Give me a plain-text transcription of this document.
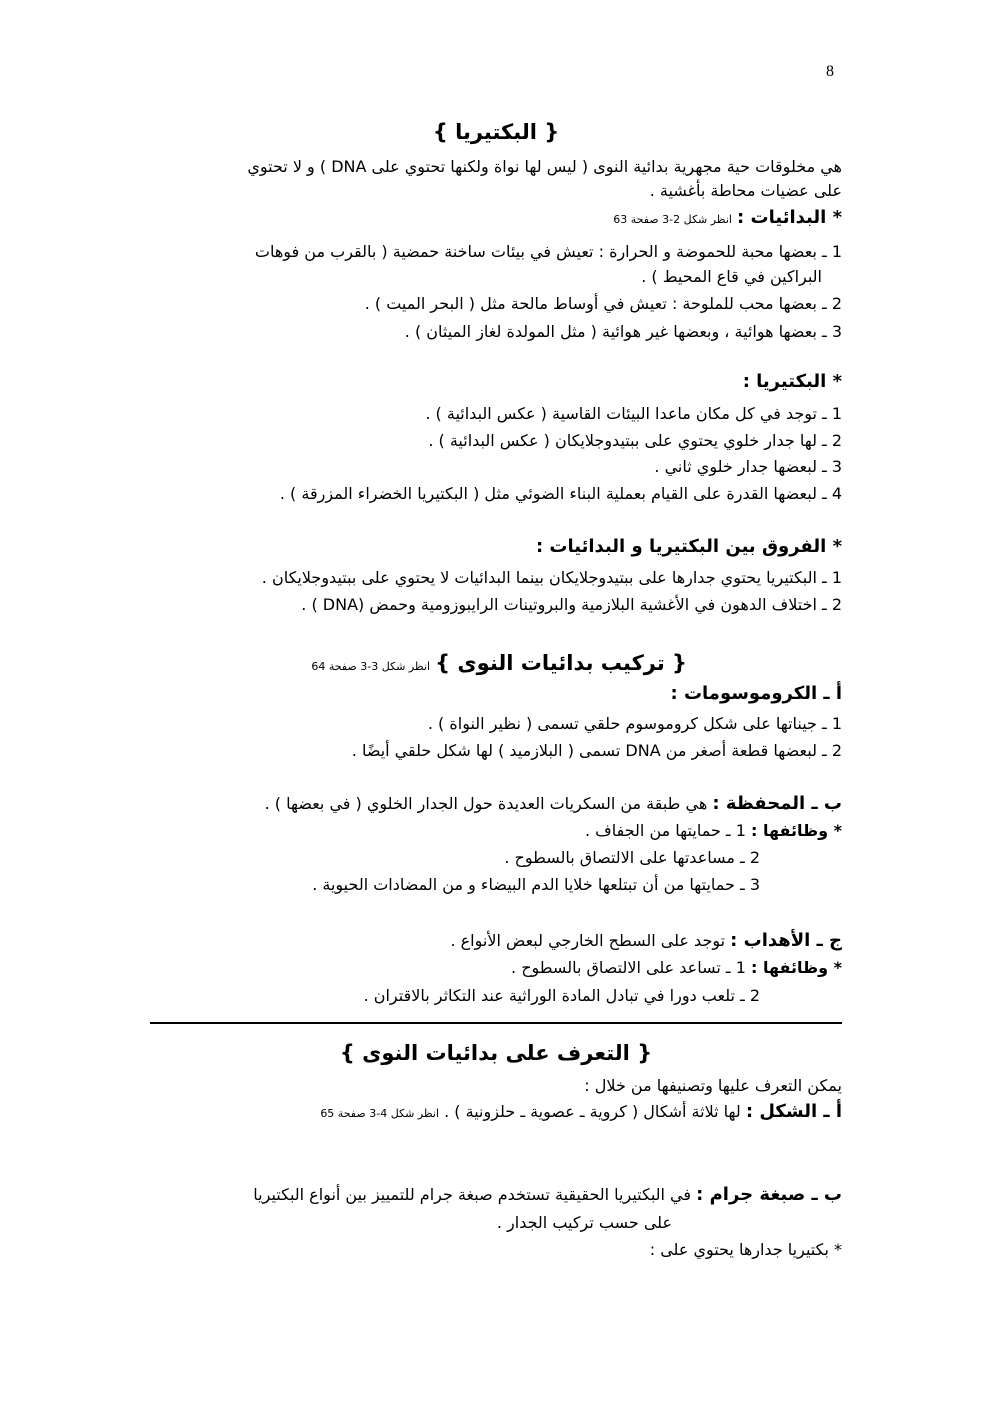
8
{ البكتيريا }
هي مخلوقات حية مجهرية بدائية النوى ( ليس لها نواة ولكنها تحتوي على DNA ) و لا تحتوي
على عضيات محاطة بأغشية .
* البدائيات : انظر شكل 2-3 صفحة 63
1 ـ بعضها محبة للحموضة و الحرارة : تعيش في بيئات ساخنة حمضية ( بالقرب من فوهات
البراكين في قاع المحيط ) .
2 ـ بعضها محب للملوحة : تعيش في أوساط مالحة مثل ( البحر الميت ) .
3 ـ بعضها هوائية ، وبعضها غير هوائية ( مثل المولدة لغاز الميثان ) .
* البكتيريا :
1 ـ توجد في كل مكان ماعدا البيئات القاسية ( عكس البدائية ) .
2 ـ لها جدار خلوي يحتوي على ببتيدوجلايكان ( عكس البدائية ) .
3 ـ لبعضها جدار خلوي ثاني .
4 ـ لبعضها القدرة على القيام بعملية البناء الضوئي مثل ( البكتيريا الخضراء المزرقة ) .
* الفروق بين البكتيريا و البدائيات :
1 ـ البكتيريا يحتوي جدارها على ببتيدوجلايكان بينما البدائيات لا يحتوي على ببتيدوجلايكان .
2 ـ اختلاف الدهون في الأغشية البلازمية والبروتينات الرايبوزومية وحمض (DNA ) .
{ تركيب بدائيات النوى } انظر شكل 3-3 صفحة 64
أ ـ الكروموسومات :
1 ـ جيناتها على شكل كروموسوم حلقي تسمى ( نظير النواة ) .
2 ـ لبعضها قطعة أصغر من DNA تسمى ( البلازميد ) لها شكل حلقي أيضًا .
ب ـ المحفظة : هي طبقة من السكريات العديدة حول الجدار الخلوي ( في بعضها ) .
* وظائفها : 1 ـ حمايتها من الجفاف .
2 ـ مساعدتها على الالتصاق بالسطوح .
3 ـ حمايتها من أن تبتلعها خلايا الدم البيضاء و من المضادات الحيوية .
ج ـ الأهداب : توجد على السطح الخارجي لبعض الأنواع .
* وظائفها : 1 ـ تساعد على الالتصاق بالسطوح .
2 ـ تلعب دورا في تبادل المادة الوراثية عند التكاثر بالاقتران .
{ التعرف على بدائيات النوى }
يمكن التعرف عليها وتصنيفها من خلال :
أ ـ الشكل : لها ثلاثة أشكال ( كروية ـ عصوية ـ حلزونية ) . انظر شكل 4-3 صفحة 65
ب ـ صبغة جرام : في البكتيريا الحقيقية تستخدم صبغة جرام للتمييز بين أنواع البكتيريا
على حسب تركيب الجدار .
* بكتيريا جدارها يحتوي على :
